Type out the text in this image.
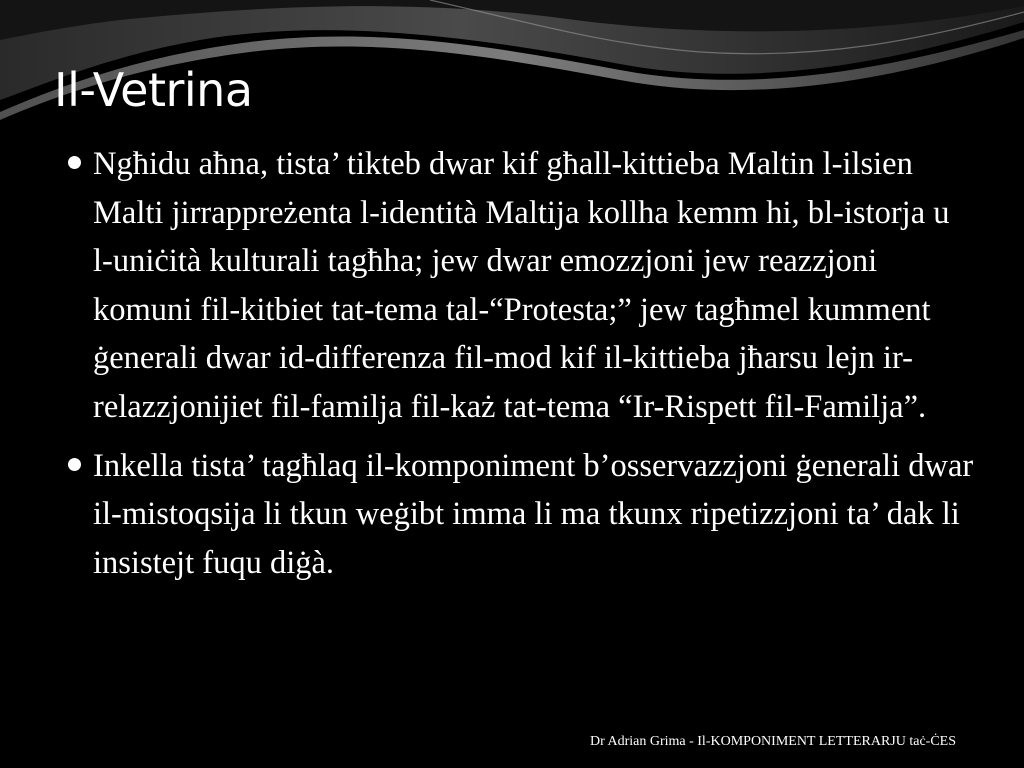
Il-Vetrina
Ngħidu aħna, tista’ tikteb dwar kif għall-kittieba Maltin l-ilsien Malti jirrappreżenta l-identità Maltija kollha kemm hi, bl-istorja u l-uniċità kulturali tagħha; jew dwar emozzjoni jew reazzjoni komuni fil-kitbiet tat-tema tal-“Protesta;” jew tagħmel kumment ġenerali dwar id-differenza fil-mod kif il-kittieba jħarsu lejn ir-relazzjonijiet fil-familja fil-każ tat-tema “Ir-Rispett fil-Familja”.
Inkella tista’ tagħlaq il-komponiment b’osservazzjoni ġenerali dwar il-mistoqsija li tkun weġibt imma li ma tkunx ripetizzjoni ta’ dak li insistejt fuqu diġà.
Dr Adrian Grima - Il-KOMPONIMENT LETTERARJU taċ-ĊES
